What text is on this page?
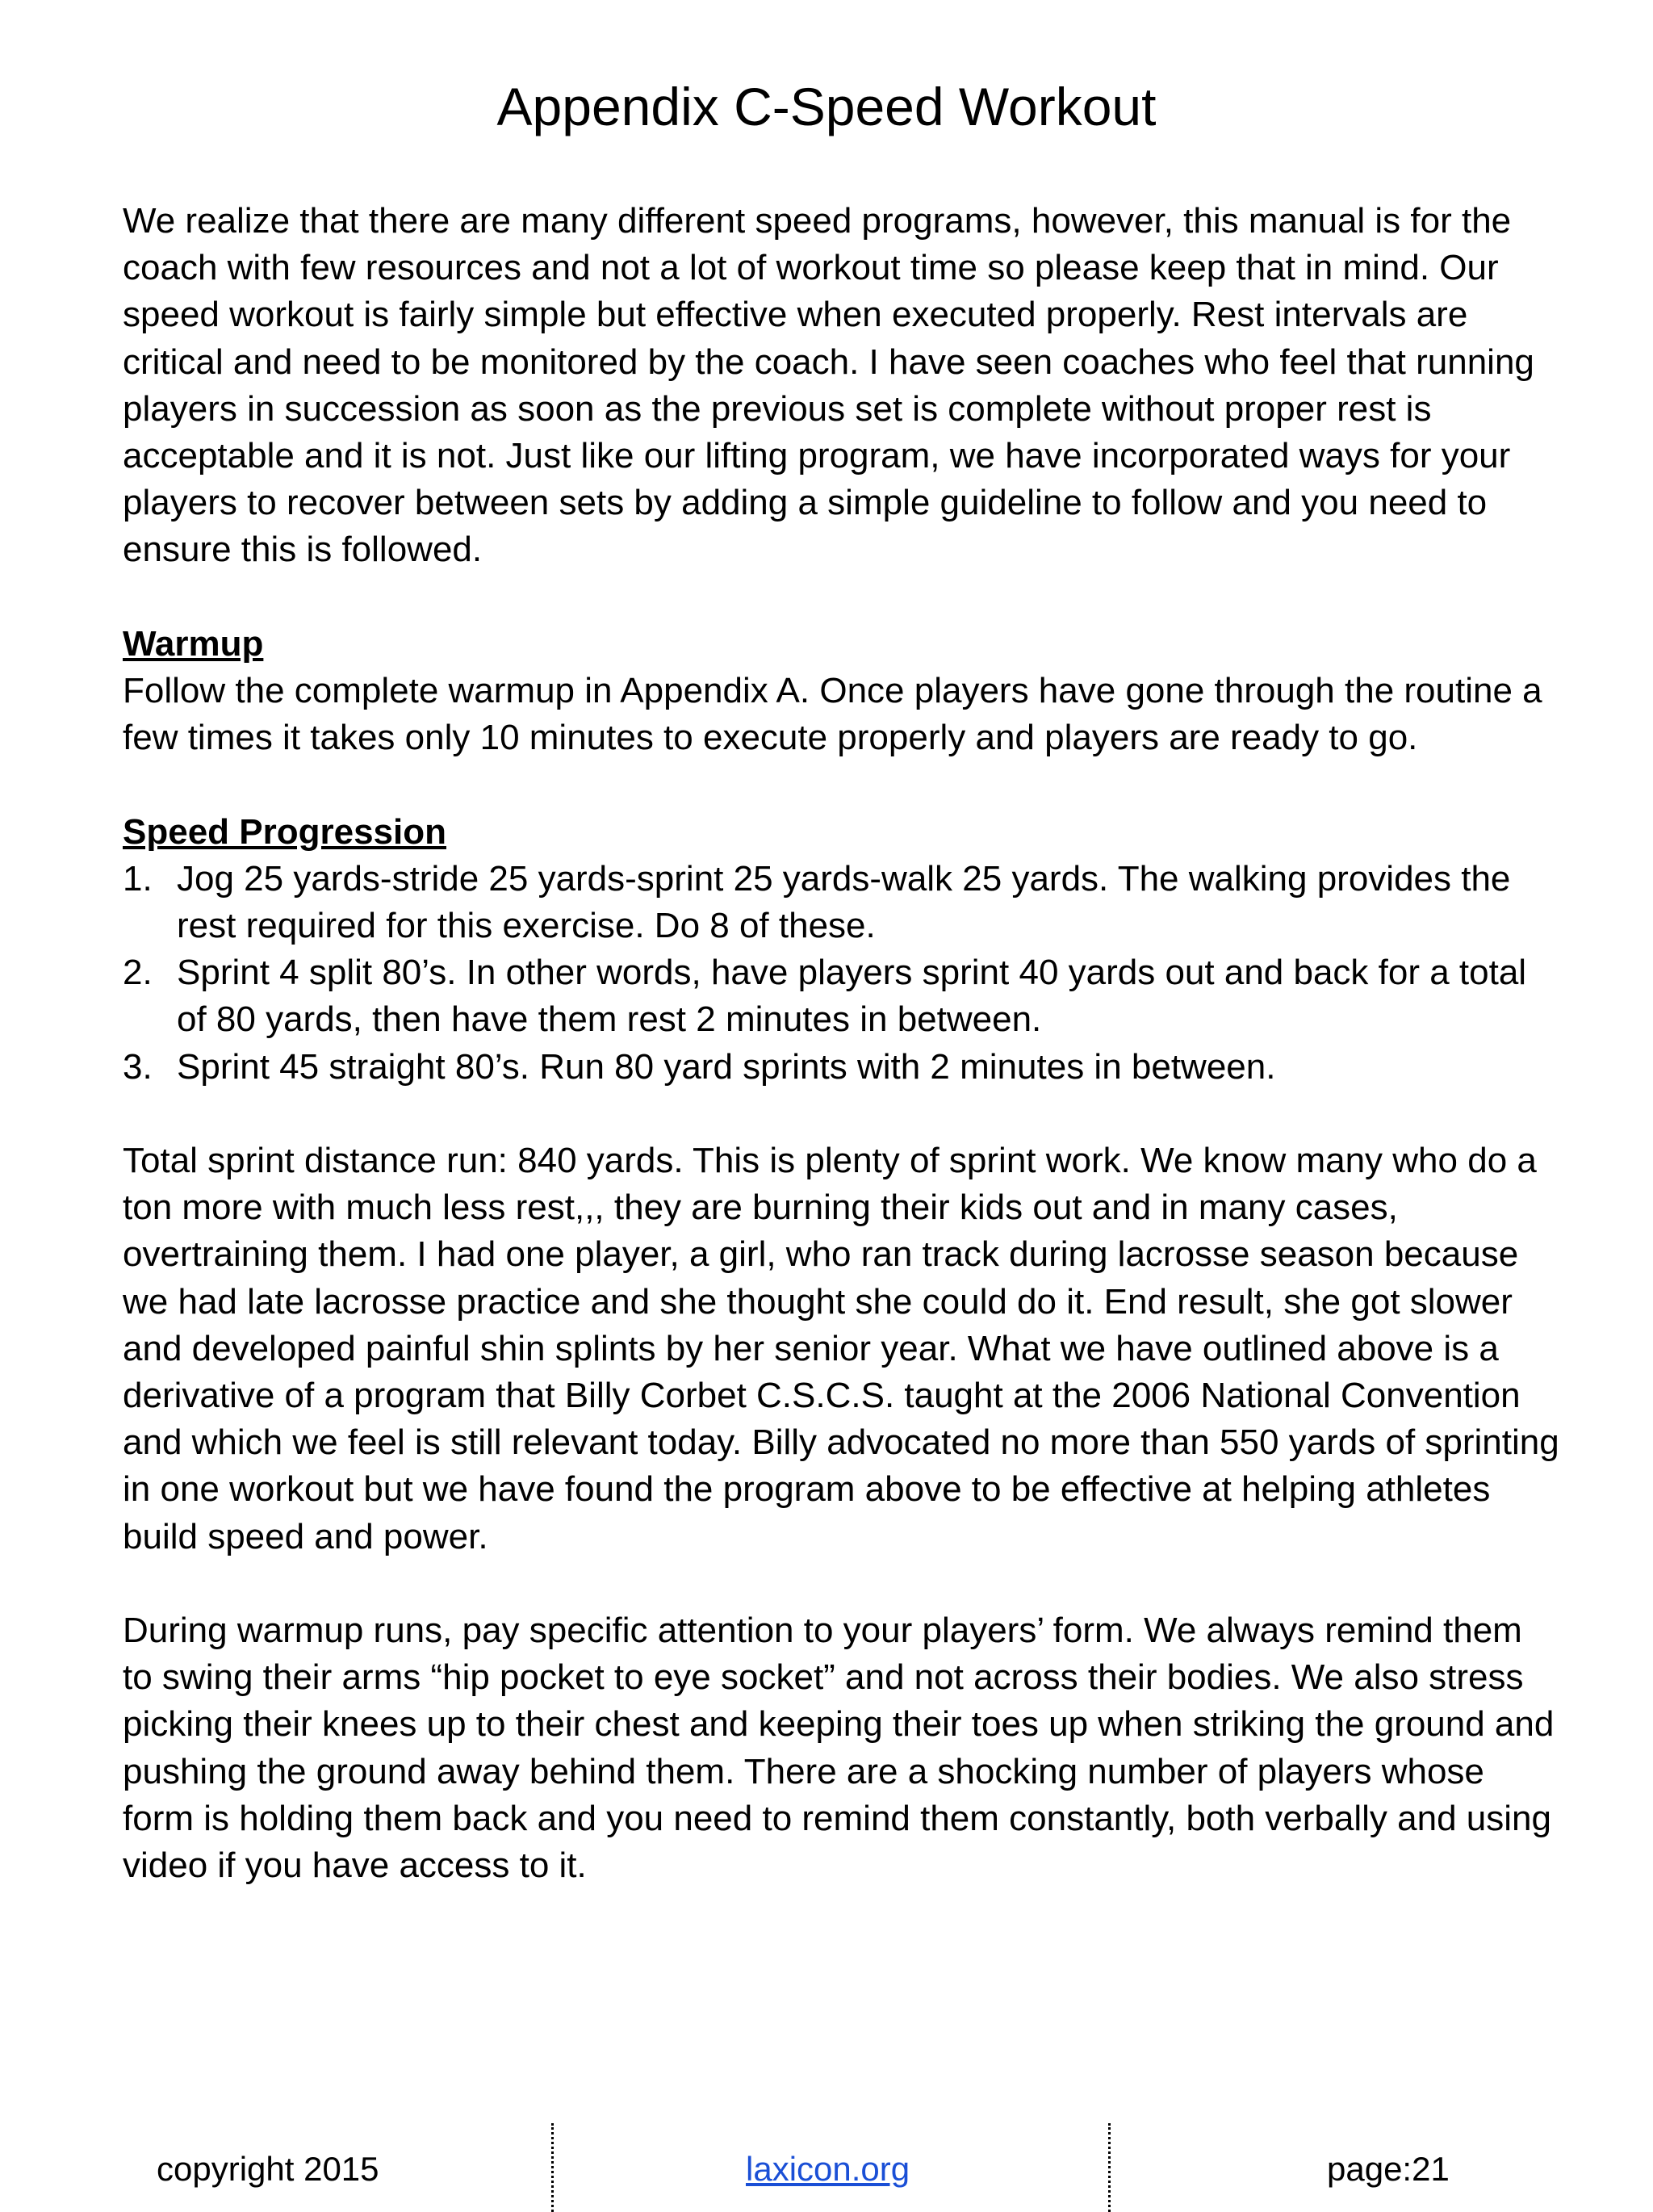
Appendix C-Speed Workout

We realize that there are many different speed programs, however, this manual is for the coach with few resources and not a lot of workout time so please keep that in mind. Our speed workout is fairly simple but effective when executed properly. Rest intervals are critical and need to be monitored by the coach. I have seen coaches who feel that running players in succession as soon as the previous set is complete without proper rest is acceptable and it is not. Just like our lifting program, we have incorporated ways for your players to recover between sets by adding a simple guideline to follow and you need to ensure this is followed.

Warmup

Follow the complete warmup in Appendix A. Once players have gone through the routine a few times it takes only 10 minutes to execute properly and players are ready to go.

Speed Progression
1. Jog 25 yards-stride 25 yards-sprint 25 yards-walk 25 yards. The walking provides the rest required for this exercise. Do 8 of these.
2. Sprint 4 split 80’s. In other words, have players sprint 40 yards out and back for a total of 80 yards, then have them rest 2 minutes in between.
3. Sprint 45 straight 80’s. Run 80 yard sprints with 2 minutes in between.

Total sprint distance run: 840 yards. This is plenty of sprint work. We know many who do a ton more with much less rest,,, they are burning their kids out and in many cases, overtraining them. I had one player, a girl, who ran track during lacrosse season because we had late lacrosse practice and she thought she could do it. End result, she got slower and developed painful shin splints by her senior year. What we have outlined above is a derivative of a program that Billy Corbet C.S.C.S. taught at the 2006 National Convention and which we feel is still relevant today. Billy advocated no more than 550 yards of sprinting in one workout but we have found the program above to be effective at helping athletes build speed and power.

During warmup runs, pay specific attention to your players’ form. We always remind them to swing their arms “hip pocket to eye socket” and not across their bodies. We also stress picking their knees up to their chest and keeping their toes up when striking the ground and pushing the ground away behind them. There are a shocking number of players whose form is holding them back and you need to remind them constantly, both verbally and using video if you have access to it.

copyright 2015	laxicon.org	page:21
